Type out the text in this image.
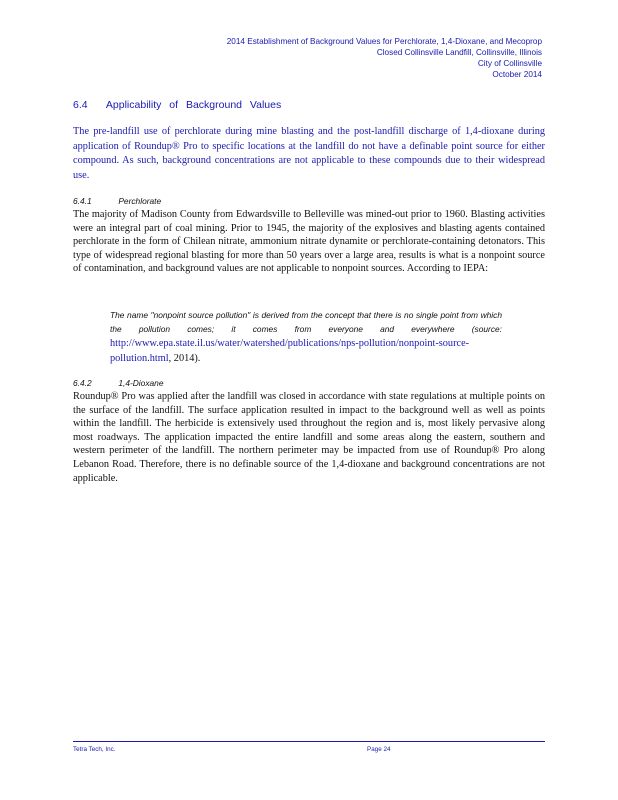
2014 Establishment of Background Values for Perchlorate, 1,4-Dioxane, and Mecoprop
Closed Collinsville Landfill, Collinsville, Illinois
City of Collinsville
October 2014
6.4 Applicability of Background Values
The pre-landfill use of perchlorate during mine blasting and the post-landfill discharge of 1,4-dioxane during application of Roundup® Pro to specific locations at the landfill do not have a definable point source for either compound. As such, background concentrations are not applicable to these compounds due to their widespread use.
6.4.1	Perchlorate
The majority of Madison County from Edwardsville to Belleville was mined-out prior to 1960. Blasting activities were an integral part of coal mining. Prior to 1945, the majority of the explosives and blasting agents contained perchlorate in the form of Chilean nitrate, ammonium nitrate dynamite or perchlorate-containing detonators. This type of widespread regional blasting for more than 50 years over a large area, results is what is a nonpoint source of contamination, and background values are not applicable to nonpoint sources. According to IEPA:
The name "nonpoint source pollution" is derived from the concept that there is no single point from which the pollution comes; it comes from everyone and everywhere (source: http://www.epa.state.il.us/water/watershed/publications/nps-pollution/nonpoint-source-pollution.html, 2014).
6.4.2	1,4-Dioxane
Roundup® Pro was applied after the landfill was closed in accordance with state regulations at multiple points on the surface of the landfill. The surface application resulted in impact to the background well as well as points within the landfill. The herbicide is extensively used throughout the region and is, most likely pervasive along most roadways. The application impacted the entire landfill and some areas along the eastern, southern and western perimeter of the landfill. The northern perimeter may be impacted from use of Roundup® Pro along Lebanon Road. Therefore, there is no definable source of the 1,4-dioxane and background concentrations are not applicable.
Tetra Tech, Inc.	Page 24
